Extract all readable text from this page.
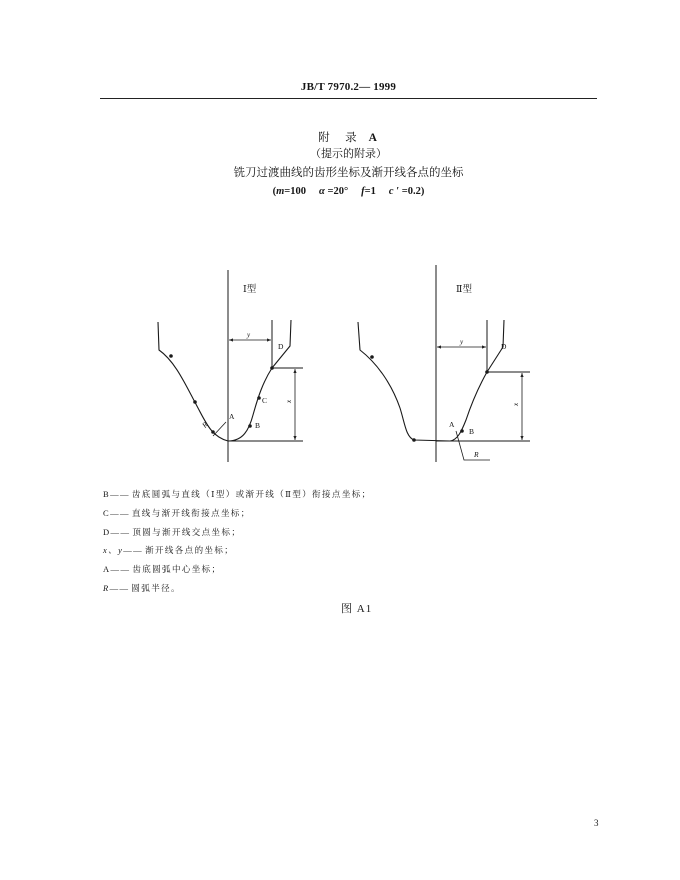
JB/T 7970.2— 1999
附　录 A
（提示的附录）
铣刀过渡曲线的齿形坐标及渐开线各点的坐标
(m=100 α =20° f=1 c ′ =0.2)
Ⅰ型
y
x
A
B
C
D
R
Ⅱ型
y
x
A
B
D
R
B—— 齿底圆弧与直线（Ⅰ型）或渐开线（Ⅱ型）衔接点坐标；
C—— 直线与渐开线衔接点坐标；
D—— 顶圆与渐开线交点坐标；
x、y—— 渐开线各点的坐标；
A—— 齿底圆弧中心坐标；
R—— 圆弧半径。
图 A1
3
